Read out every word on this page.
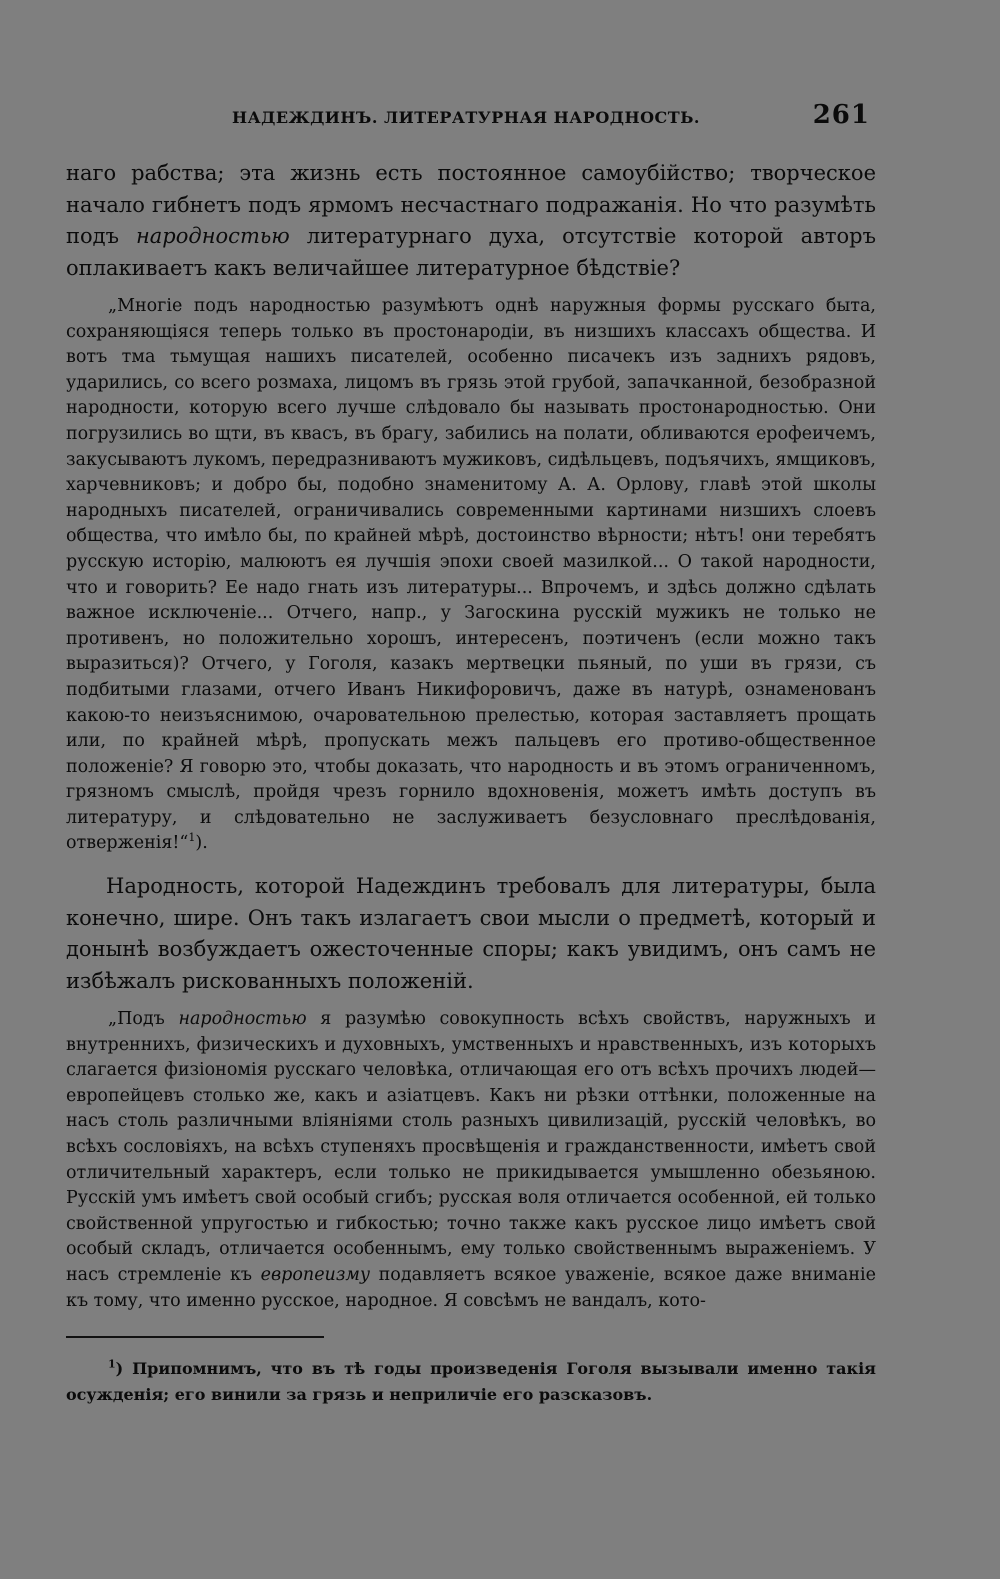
НАДЕЖДИНЪ. ЛИТЕРАТУРНАЯ НАРОДНОСТЬ.	261

наго рабства; эта жизнь есть постоянное самоубійство; творческое начало гибнетъ подъ ярмомъ несчастнаго подражанія. Но что разумѣть подъ народностью литературнаго духа, отсутствіе которой авторъ оплакиваетъ какъ величайшее литературное бѣдствіе?

„Многіе подъ народностью разумѣютъ однѣ наружныя формы русскаго быта, сохраняющіяся теперь только въ простонародіи, въ низшихъ классахъ общества. И вотъ тма тьмущая нашихъ писателей, особенно писачекъ изъ заднихъ рядовъ, ударились, со всего розмаха, лицомъ въ грязь этой грубой, запачканной, безобразной народности, которую всего лучше слѣдовало бы называть простонародностью. Они погрузились во щти, въ квасъ, въ брагу, забились на полати, обливаются ерофеичемъ, закусываютъ лукомъ, передразниваютъ мужиковъ, сидѣльцевъ, подъячихъ, ямщиковъ, харчевниковъ; и добро бы, подобно знаменитому А. А. Орлову, главѣ этой школы народныхъ писателей, ограничивались современными картинами низшихъ слоевъ общества, что имѣло бы, по крайней мѣрѣ, достоинство вѣрности; нѣтъ! они теребятъ русскую исторію, малюютъ ея лучшія эпохи своей мазилкой... О такой народности, что и говорить? Ее надо гнать изъ литературы... Впрочемъ, и здѣсь должно сдѣлать важное исключеніе... Отчего, напр., у Загоскина русскій мужикъ не только не противенъ, но положительно хорошъ, интересенъ, поэтиченъ (если можно такъ выразиться)? Отчего, у Гоголя, казакъ мертвецки пьяный, по уши въ грязи, съ подбитыми глазами, отчего Иванъ Никифоровичъ, даже въ натурѣ, ознаменованъ какою-то неизъяснимою, очаровательною прелестью, которая заставляетъ прощать или, по крайней мѣрѣ, пропускать межъ пальцевъ его противо-общественное положеніе? Я говорю это, чтобы доказать, что народность и въ этомъ ограниченномъ, грязномъ смыслѣ, пройдя чрезъ горнило вдохновенія, можетъ имѣть доступъ въ литературу, и слѣдовательно не заслуживаетъ безусловнаго преслѣдованія, отверженія!“$^1$).

Народность, которой Надеждинъ требовалъ для литературы, была конечно, шире. Онъ такъ излагаетъ свои мысли о предметѣ, который и донынѣ возбуждаетъ ожесточенные споры; какъ увидимъ, онъ самъ не избѣжалъ рискованныхъ положеній.

„Подъ народностью я разумѣю совокупность всѣхъ свойствъ, наружныхъ и внутреннихъ, физическихъ и духовныхъ, умственныхъ и нравственныхъ, изъ которыхъ слагается физіономія русскаго человѣка, отличающая его отъ всѣхъ прочихъ людей—европейцевъ столько же, какъ и азіатцевъ. Какъ ни рѣзки оттѣнки, положенные на насъ столь различными вліяніями столь разныхъ цивилизацій, русскій человѣкъ, во всѣхъ сословіяхъ, на всѣхъ ступеняхъ просвѣщенія и гражданственности, имѣетъ свой отличительный характеръ, если только не прикидывается умышленно обезьяною. Русскій умъ имѣетъ свой особый сгибъ; русская воля отличается особенной, ей только свойственной упругостью и гибкостью; точно также какъ русское лицо имѣетъ свой особый складъ, отличается особеннымъ, ему только свойственнымъ выраженіемъ. У насъ стремленіе къ европеизму подавляетъ всякое уваженіе, всякое даже вниманіе къ тому, что именно русское, народное. Я совсѣмъ не вандалъ, кото-

$^1$) Припомнимъ, что въ тѣ годы произведенія Гоголя вызывали именно такія осужденія; его винили за грязь и неприличіе его разсказовъ.
